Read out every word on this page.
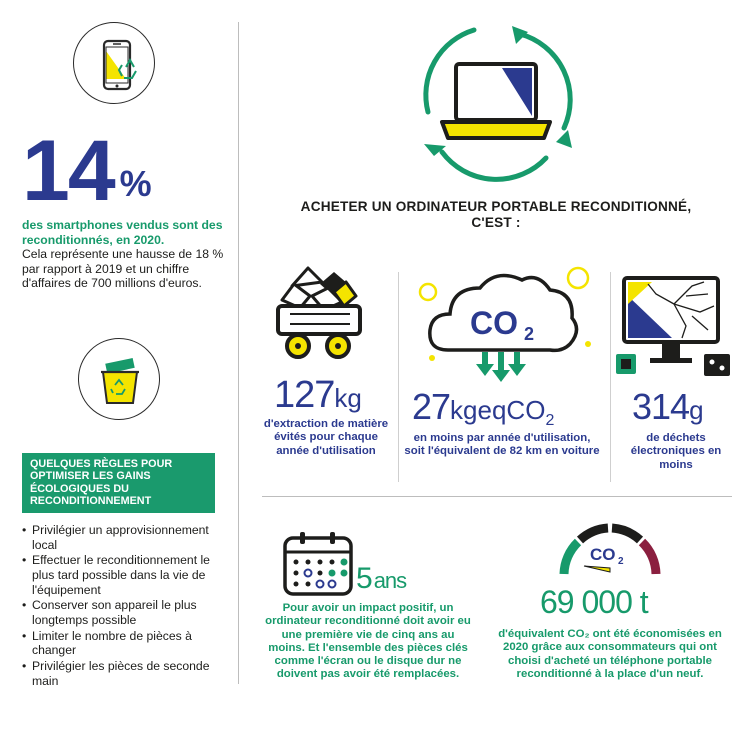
14 %
des smartphones vendus sont des reconditionnés, en 2020.
Cela représente une hausse de 18 % par rapport à 2019 et un chiffre d'affaires de 700 millions d'euros.
QUELQUES RÈGLES POUR OPTIMISER LES GAINS ÉCOLOGIQUES DU RECONDITIONNEMENT
• Privilégier un approvisionnement local
• Effectuer le reconditionnement le plus tard possible dans la vie de l'équipement
• Conserver son appareil le plus longtemps possible
• Limiter le nombre de pièces à changer
• Privilégier les pièces de seconde main
ACHETER UN ORDINATEUR PORTABLE RECONDITIONNÉ, C'EST :
127kg
d'extraction de matière évités pour chaque année d'utilisation
CO 2
27kgeqCO2
en moins par année d'utilisation, soit l'équivalent de 82 km en voiture
314g
de déchets électroniques en moins
5ans
Pour avoir un impact positif, un ordinateur reconditionné doit avoir eu une première vie de cinq ans au moins. Et l'ensemble des pièces clés comme l'écran ou le disque dur ne doivent pas avoir été remplacées.
CO 2
69 000 t
d'équivalent CO₂ ont été économisées en 2020 grâce aux consommateurs qui ont choisi d'acheté un téléphone portable reconditionné à la place d'un neuf.
